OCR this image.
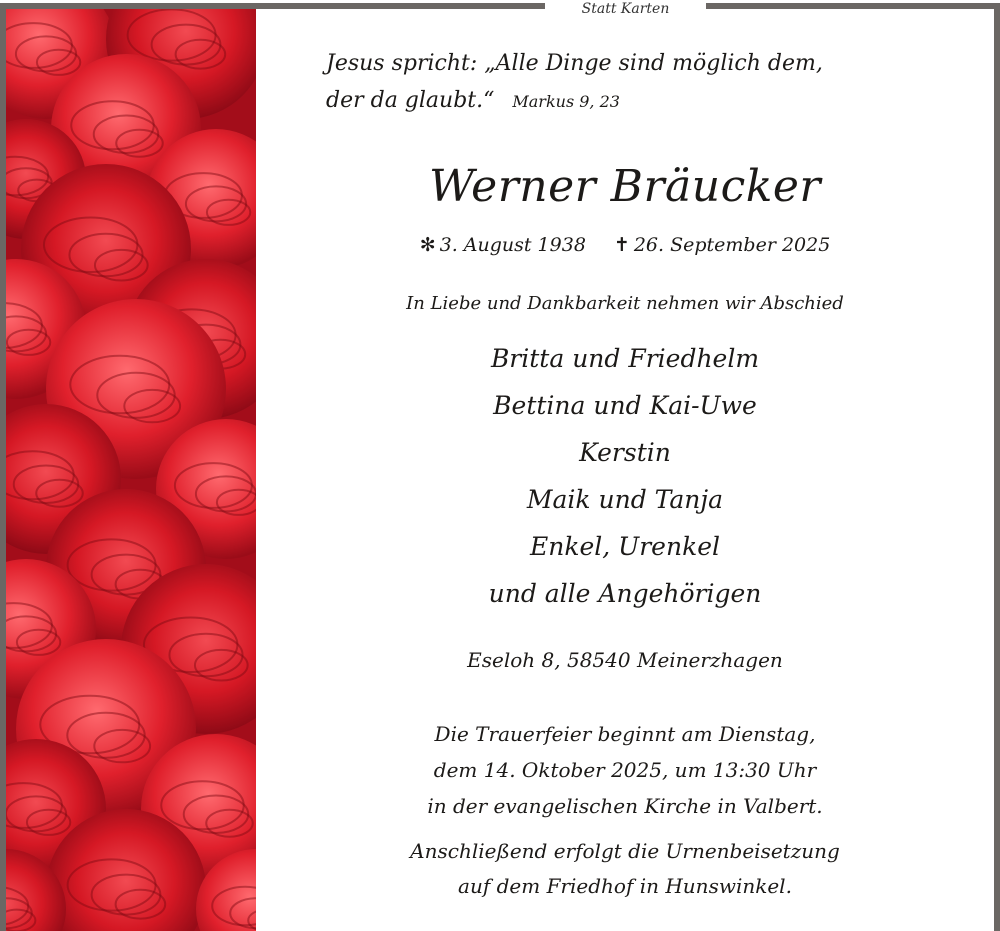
Statt Karten
Jesus spricht: „Alle Dinge sind möglich dem,
der da glaubt.“ Markus 9, 23
Werner Bräucker
✻ 3. August 1938 ✝ 26. September 2025
In Liebe und Dankbarkeit nehmen wir Abschied
Britta und Friedhelm
Bettina und Kai-Uwe
Kerstin
Maik und Tanja
Enkel, Urenkel
und alle Angehörigen
Eseloh 8, 58540 Meinerzhagen
Die Trauerfeier beginnt am Dienstag,
dem 14. Oktober 2025, um 13:30 Uhr
in der evangelischen Kirche in Valbert.
Anschließend erfolgt die Urnenbeisetzung
auf dem Friedhof in Hunswinkel.
